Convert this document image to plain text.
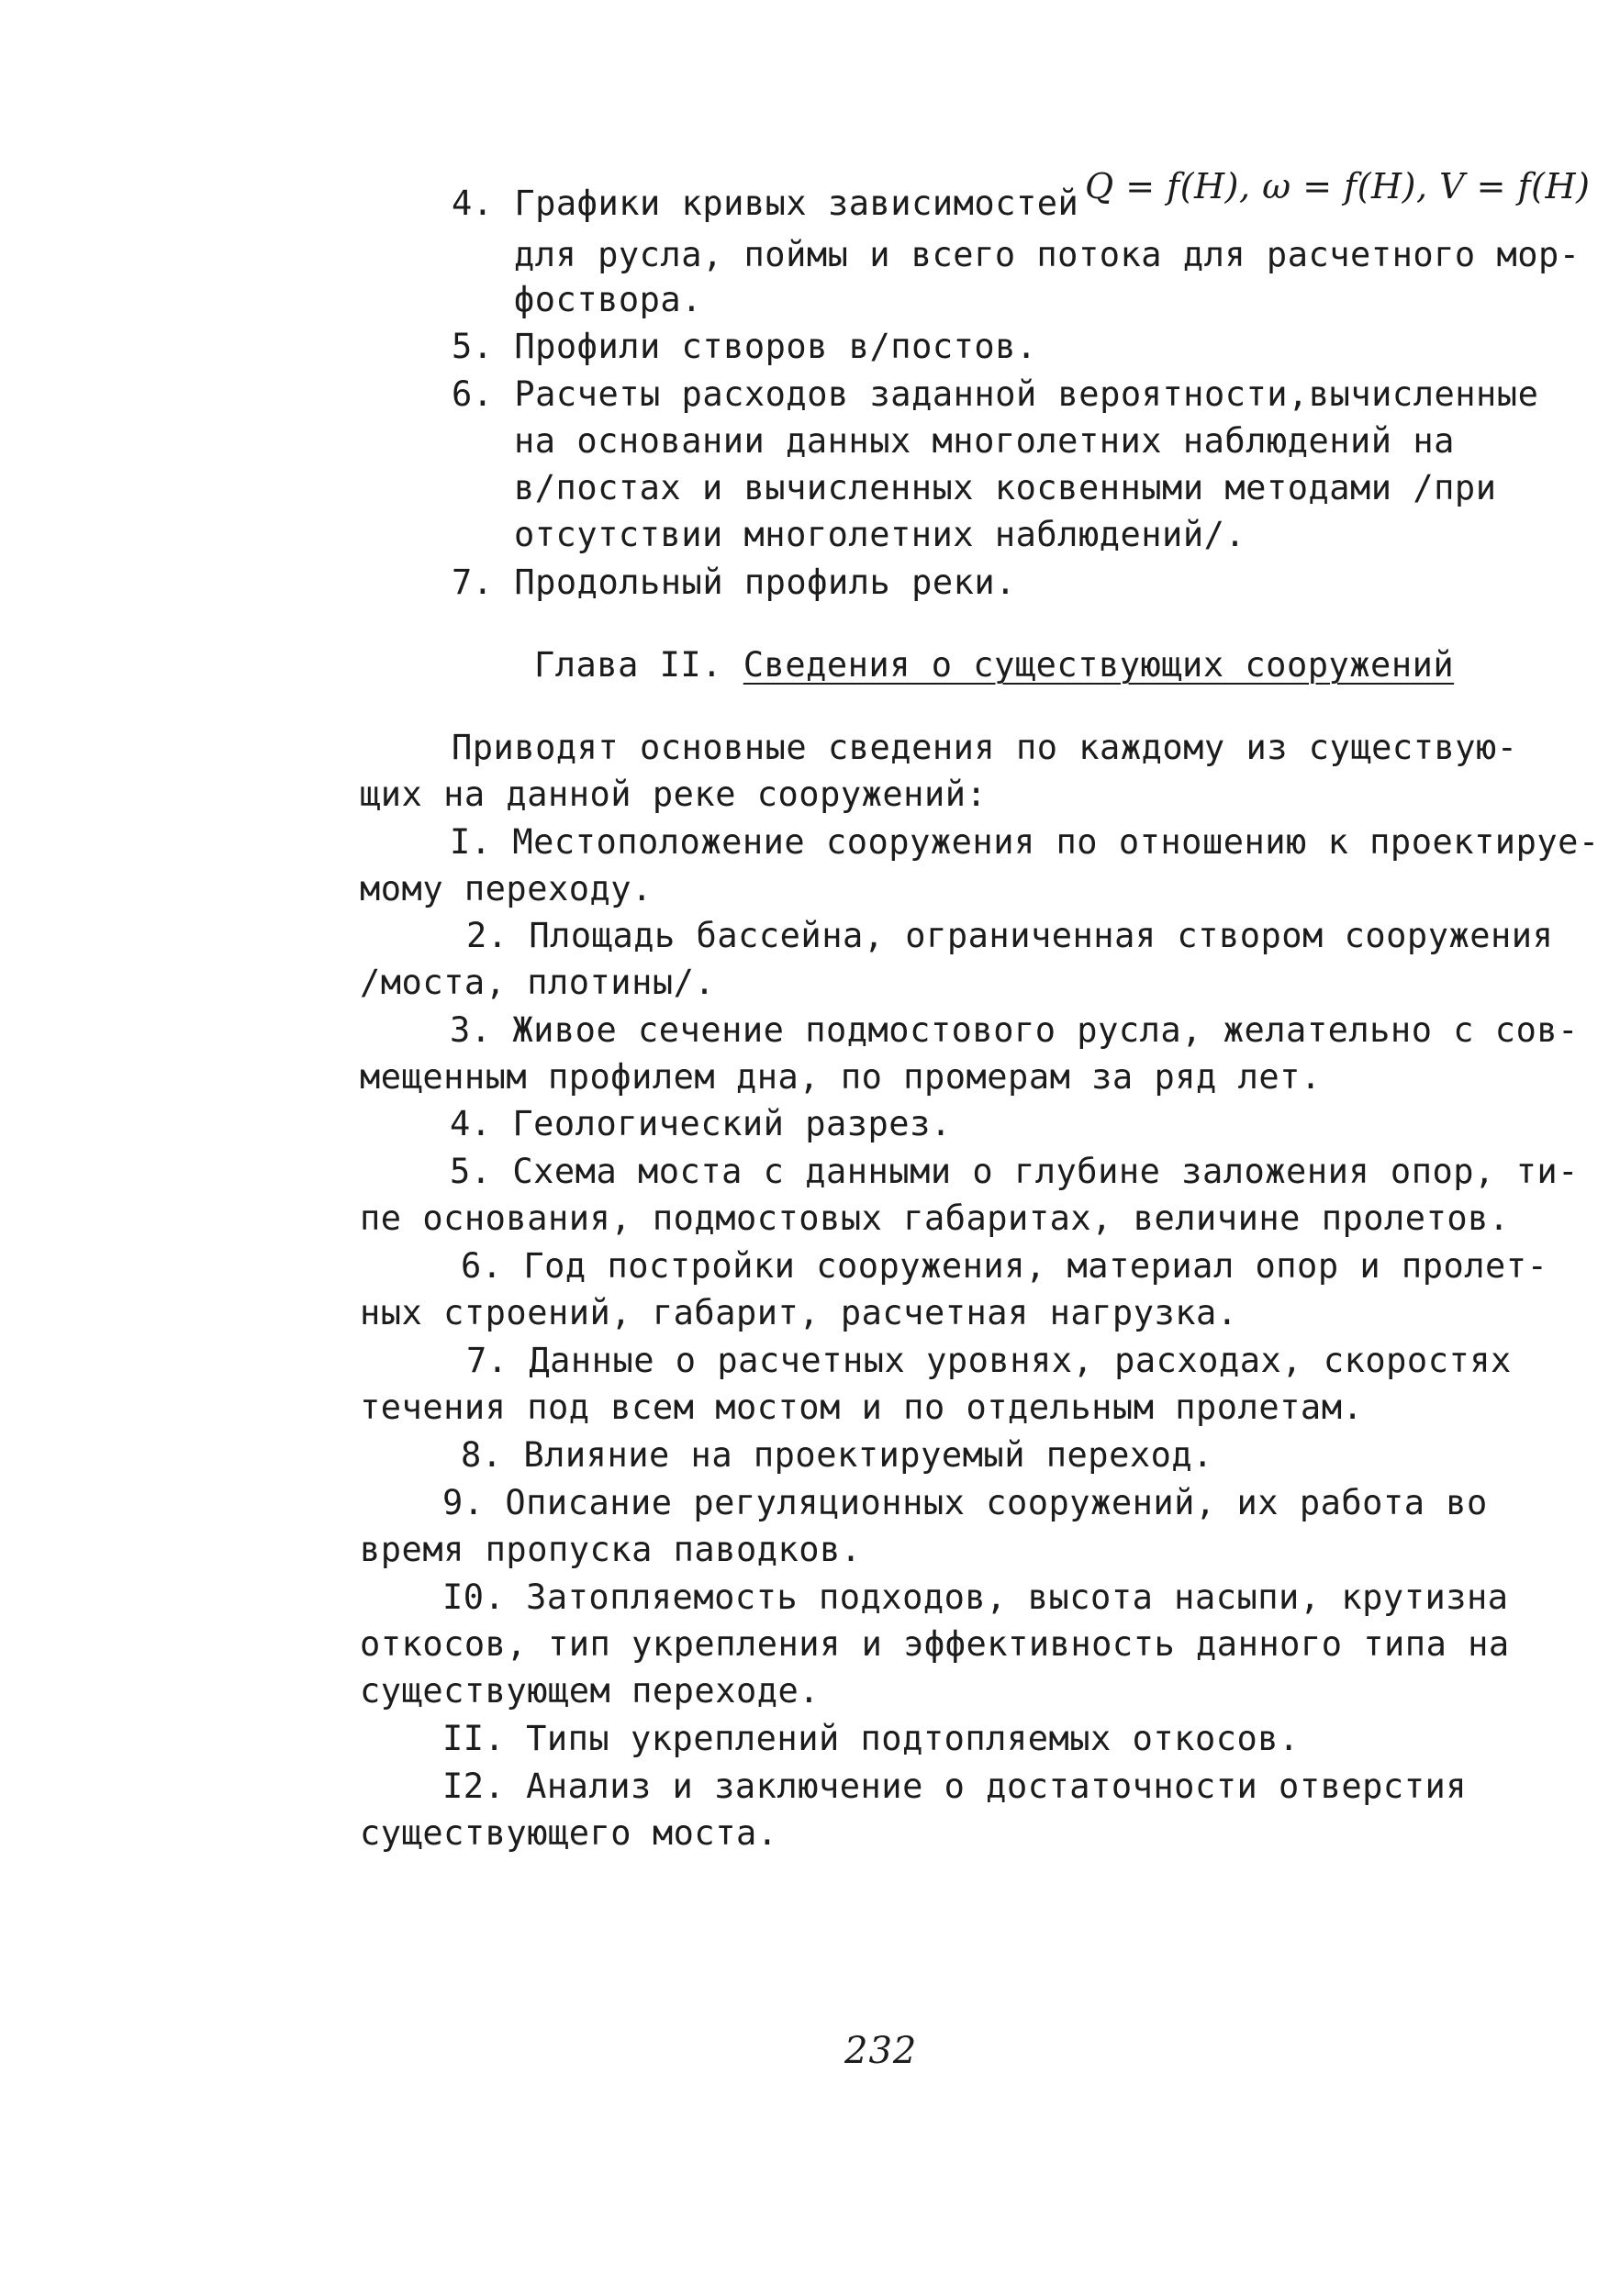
4. Графики кривых зависимостей Q = f(H), ω = f(H), V = f(H)
для русла, поймы и всего потока для расчетного мор-
фоствора.
5. Профили створов в/постов.
6. Расчеты расходов заданной вероятности,вычисленные
на основании данных многолетних наблюдений на
в/постах и вычисленных косвенными методами /при
отсутствии многолетних наблюдений/.
7. Продольный профиль реки.
Глава II. Сведения о существующих сооружений
Приводят основные сведения по каждому из существую-
щих на данной реке сооружений:
I. Местоположение сооружения по отношению к проектируе-
мому переходу.
2. Площадь бассейна, ограниченная створом сооружения
/моста, плотины/.
3. Живое сечение подмостового русла, желательно с сов-
мещенным профилем дна, по промерам за ряд лет.
4. Геологический разрез.
5. Схема моста с данными о глубине заложения опор, ти-
пе основания, подмостовых габаритах, величине пролетов.
6. Год постройки сооружения, материал опор и пролет-
ных строений, габарит, расчетная нагрузка.
7. Данные о расчетных уровнях, расходах, скоростях
течения под всем мостом и по отдельным пролетам.
8. Влияние на проектируемый переход.
9. Описание регуляционных сооружений, их работа во
время пропуска паводков.
I0. Затопляемость подходов, высота насыпи, крутизна
откосов, тип укрепления и эффективность данного типа на
существующем переходе.
II. Типы укреплений подтопляемых откосов.
I2. Анализ и заключение о достаточности отверстия
существующего моста.
232
